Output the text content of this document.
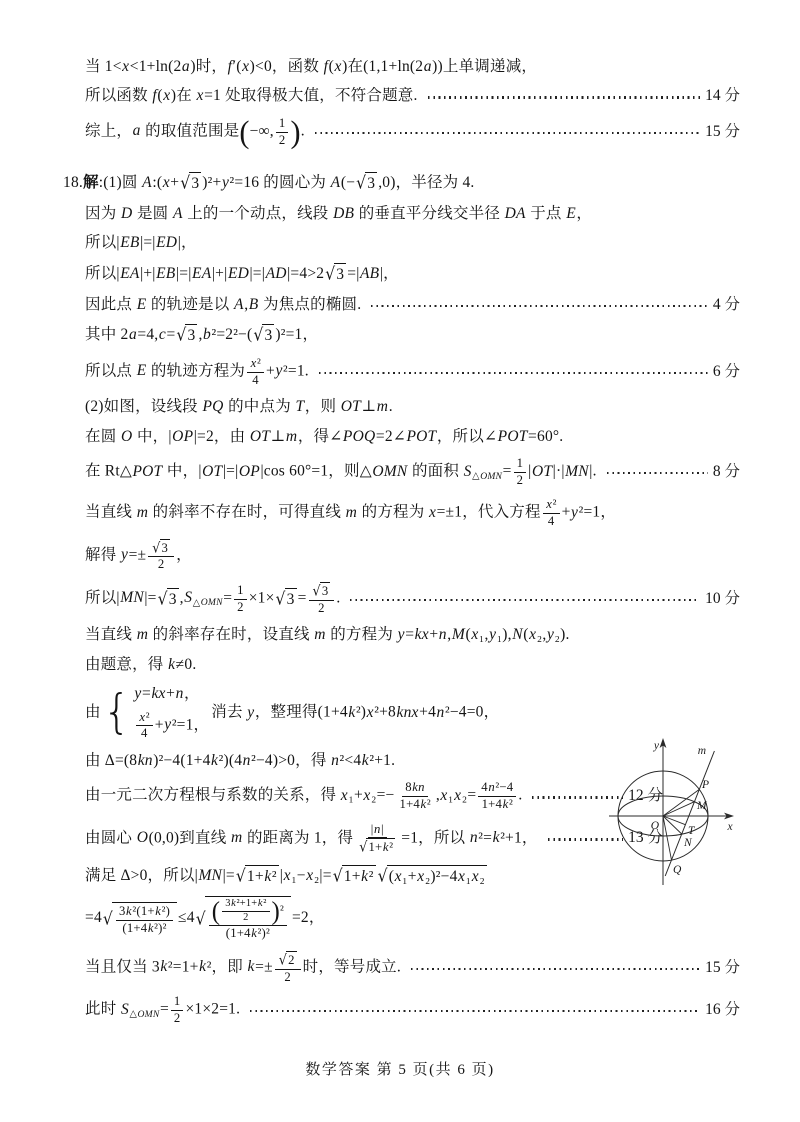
当 1<x<1+ln(2a)时，f′(x)<0，函数 f(x)在(1,1+ln(2a))上单调递减，
所以函数 f(x)在 x=1 处取得极大值，不符合题意.	14 分
综上，a 的取值范围是 ( −∞, $\frac{1}{2}$ ) .	15 分
18.解:(1)圆 A:(x+ √ 3 )²+y²=16 的圆心为 A(− √ 3 ,0)，半径为 4.
因为 D 是圆 A 上的一个动点，线段 DB 的垂直平分线交半径 DA 于点 E，
所以|EB|=|ED|，
所以|EA|+|EB|=|EA|+|ED|=|AD|=4>2 √ 3 =|AB|，
因此点 E 的轨迹是以 A,B 为焦点的椭圆.	4 分
其中 2a=4,c= √ 3 ,b²=2²−( √ 3 )²=1，
所以点 E 的轨迹方程为 $\frac{\text{x²}}{4} +y^2=1$.	6 分
(2)如图，设线段 PQ 的中点为 T，则 OT⊥m.
在圆 O 中，|OP|=2，由 OT⊥m，得∠POQ=2∠POT，所以∠POT=60°.
在 Rt△POT 中，|OT|=|OP|cos 60°=1，则△OMN 的面积 $S_{\triangle OMN}= \frac{1}{2} |OT|\cdot|MN|$.	8 分
当直线 m 的斜率不存在时，可得直线 m 的方程为 x=±1，代入方程 $\frac{\text{x²}}{4} +y^2=1$，
解得 $y=\pm \frac{√ 3}{2}$ ，
所以|MN|= √ 3 $,S_{\triangle OMN}= \frac{1}{2} \times 1\times$ √ $3 = \frac{√ 3}{2}$ .	10 分
当直线 m 的斜率存在时，设直线 m 的方程为 y=kx+n,M(x₁,y₁),N(x₂,y₂).
由题意，得 k≠0.
由 { y=kx+n，
$\frac{\text{x²}}{4} +y^2=1$，
消去 y，整理得(1+4k²)x²+8knx+4n²−4=0，
由 Δ=(8kn)²−4(1+4k²)(4n²−4)>0，得 n²<4k²+1.
由一元二次方程根与系数的关系，得 $x_1+x_2=- \frac{8kn}{\text{1+4k²}} ,x_1x_2= \frac{\text{4n²−4}}{\text{1+4k²}}$ .	12 分
由圆心 O(0,0)到直线 m 的距离为 1，得 $\frac{|n|}{\text{√ 1+k²}} =1$，所以 n²=k²+1，	13 分
满足 Δ>0，所以|MN|= √ 1+k² |x₁−x₂|= √ 1+k² √ (x₁+x₂)²−4x₁x₂
=4 √ $\frac{\text{3k²(1+k²)}}{\text{(1+4k²)²}} \le 4$ √ $\frac{( \frac{\text{3k²+1+k²}}{2} ) ^2}{\text{(1+4k²)²}} =2$，
当且仅当 3k²=1+k²，即 $k=\pm \frac{√ 2}{2}$ 时，等号成立.	15 分
此时 $S_{\triangle OMN}= \frac{1}{2} \times 1\times 2=1$.	16 分
y	m
x
O
P
M
T
N
Q
数学答案 第 5 页(共 6 页)
